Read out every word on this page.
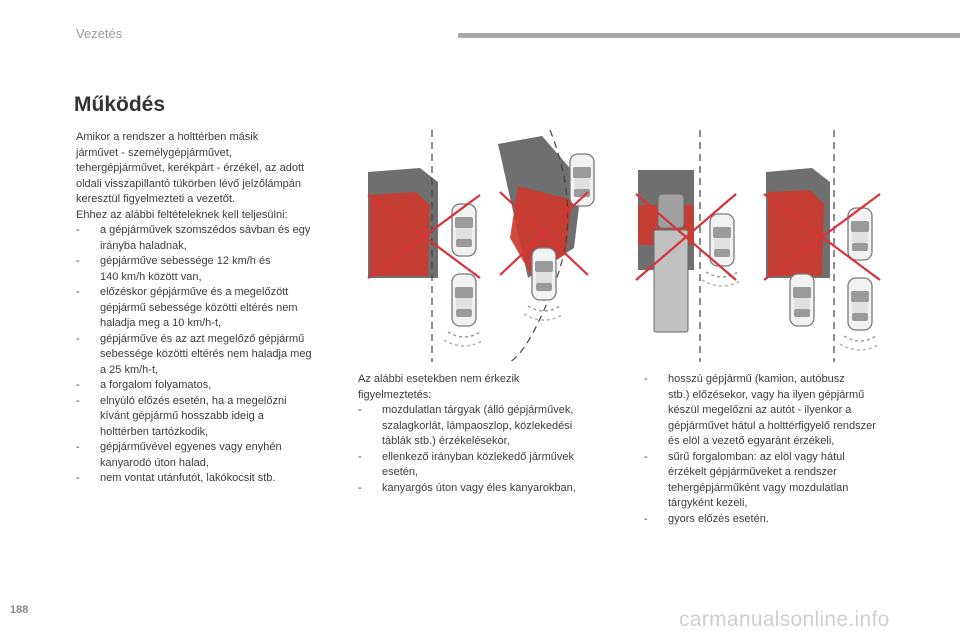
Vezetés
Működés

Amikor a rendszer a holttérben másik

járművet - személygépjárművet,

tehergépjárművet, kerékpárt - érzékel, az adott

oldali visszapillantó tükörben lévő jelzőlámpán

keresztül figyelmezteti a vezetőt.

Ehhez az alábbi feltételeknek kell teljesülni:

- a gépjárművek szomszédos sávban és egy

irányba haladnak,

- gépjárműve sebessége 12 km/h és

140 km/h között van,

- előzéskor gépjárműve és a megelőzött

gépjármű sebessége közötti eltérés nem

haladja meg a 10 km/h-t,

- gépjárműve és az azt megelőző gépjármű

sebessége közötti eltérés nem haladja meg

a 25 km/h-t,

- a forgalom folyamatos,

- elnyúló előzés esetén, ha a megelőzni

kívánt gépjármű hosszabb ideig a

holttérben tartózkodik,

- gépjárművével egyenes vagy enyhén

kanyarodó úton halad,

- nem vontat utánfutót, lakókocsit stb.

Az alábbi esetekben nem érkezik

figyelmeztetés:

- mozdulatlan tárgyak (álló gépjárművek,

szalagkorlát, lámpaoszlop, közlekedési

táblák stb.) érzékelésekor,

- ellenkező irányban közlekedő járművek

esetén,

- kanyargós úton vagy éles kanyarokban,

- hosszú gépjármű (kamion, autóbusz

stb.) előzésekor, vagy ha ilyen gépjármű

készül megelőzni az autót - ilyenkor a

gépjárművet hátul a holttérfigyelő rendszer

és elöl a vezető egyaránt érzékeli,

- sűrű forgalomban: az elöl vagy hátul

érzékelt gépjárműveket a rendszer

tehergépjárműként vagy mozdulatlan

tárgyként kezeli,

- gyors előzés esetén.

188	carmanualsonline.info
